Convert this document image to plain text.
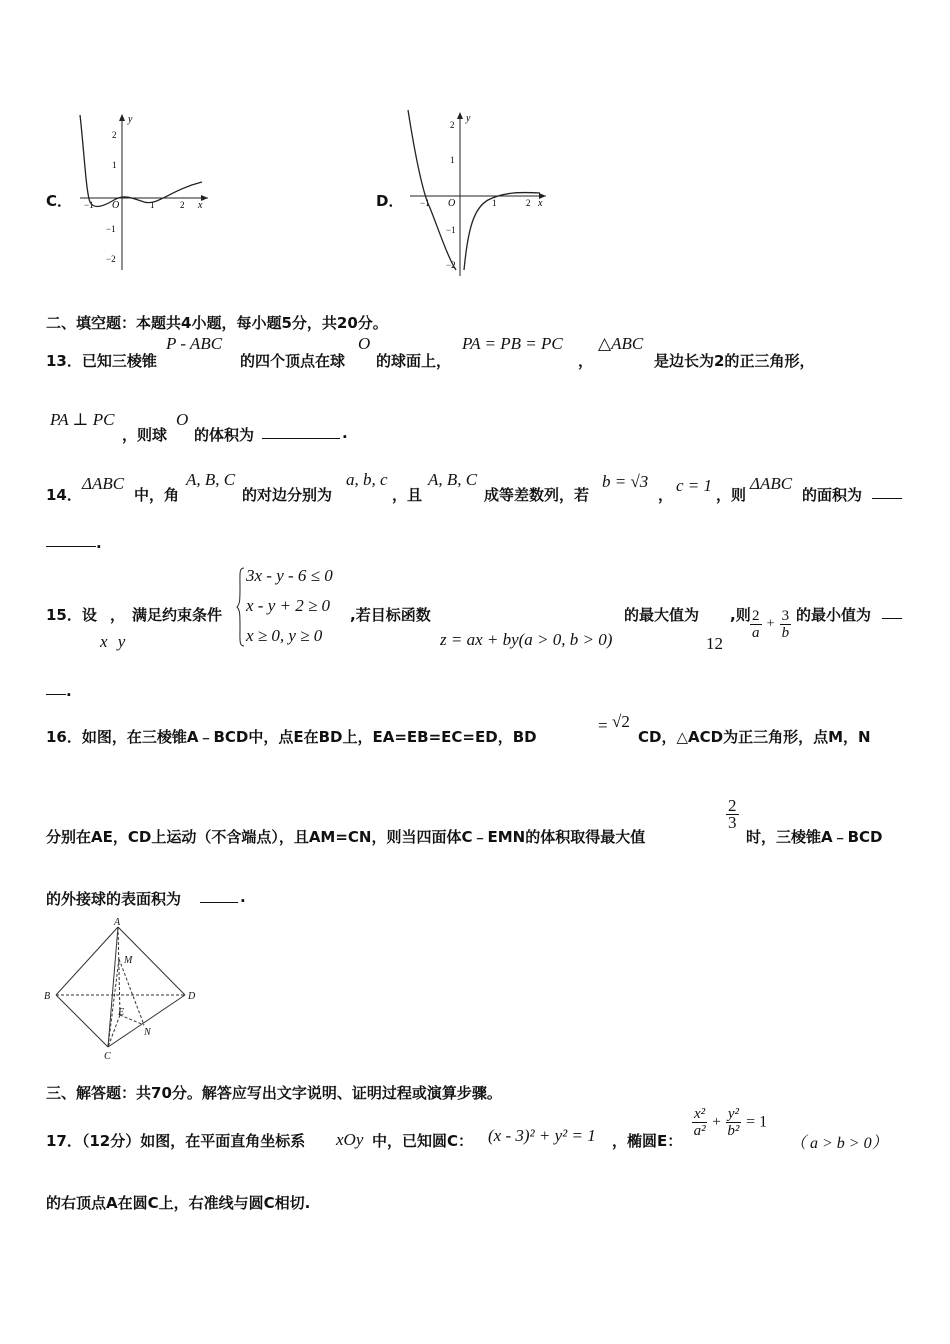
C．
y
x
O
2
1
−1
−2
−1	1	2	D．
y
x
O
2
1
−1
−2
−1	1	2
二、填空题：本题共4小题，每小题5分，共20分。
13．已知三棱锥
P - ABC
的四个顶点在球
O
的球面上，
PA = PB = PC
，
△ABC
是边长为2的正三角形，
PA ⊥ PC
，则球
O
的体积为	.
14．
ΔABC
中，角
A, B, C
的对边分别为
a, b, c
，且
A, B, C
成等差数列，若
b = √3
， c = 1 ，则
ΔABC
的面积为
.
15．设 ， 满足约束条件
x y
3x - y - 6 ≤ 0
x - y + 2 ≥ 0
x ≥ 0, y ≥ 0
,若目标函数
z = ax + by(a > 0, b > 0)
的最大值为
12
,则 $\frac{2}{a} + \frac{3}{b}$ 的最小值为
.
16．如图，在三棱锥A﹣BCD中，点E在BD上，EA=EB=EC=ED，BD
= √2
CD，△ACD为正三角形，点M，N
分别在AE，CD上运动（不含端点），且AM=CN，则当四面体C﹣EMN的体积取得最大值
$\frac{2}{3}$
时，三棱锥A﹣BCD
的外接球的表面积为	.
A
B
C
D
E
M
N
三、解答题：共70分。解答应写出文字说明、证明过程或演算步骤。
17．（12分）如图，在平面直角坐标系 xOy 中，已知圆C： (x - 3)² + y² = 1 ，椭圆E：
$\frac{\text{x²}}{\text{a²}} + \frac{\text{y²}}{\text{b²}} = 1$
（ a > b > 0）
的右顶点A在圆C上，右准线与圆C相切.
